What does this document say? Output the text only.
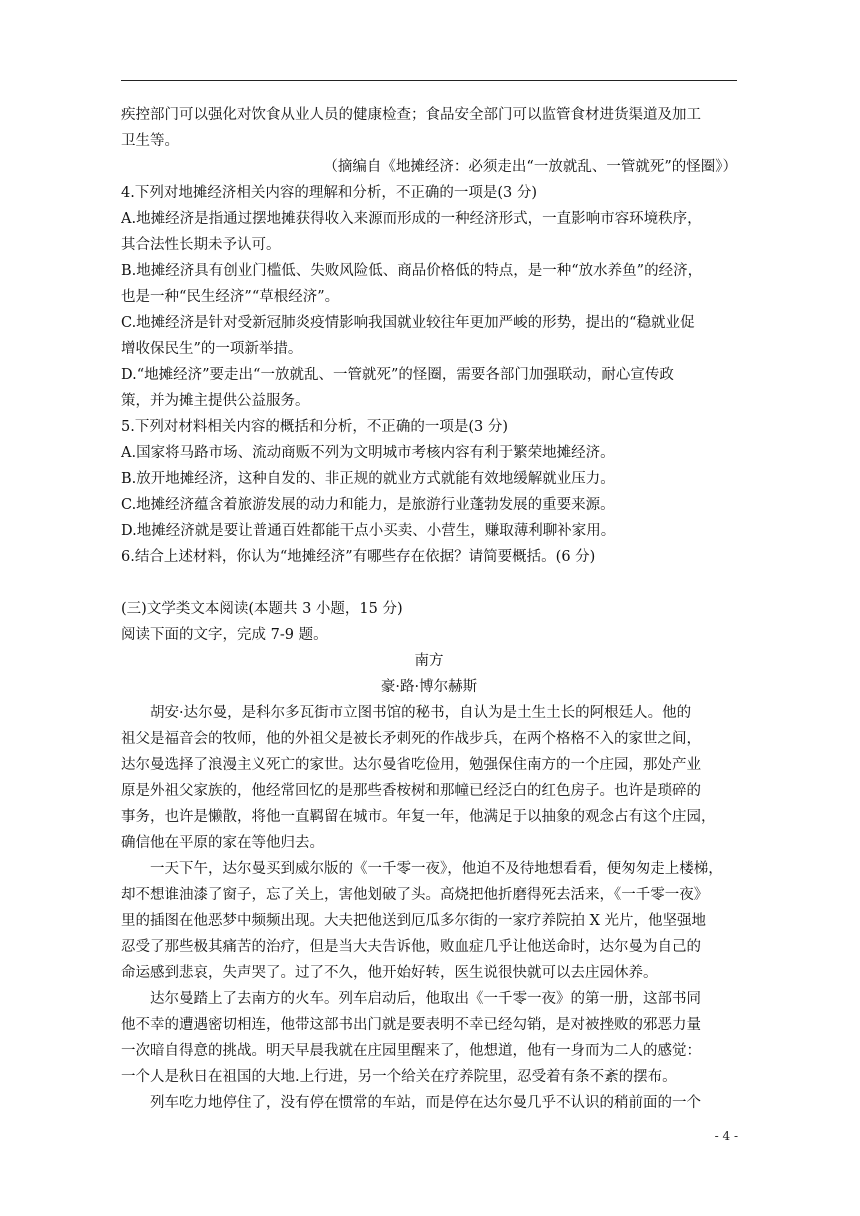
疾控部门可以强化对饮食从业人员的健康检查；食品安全部门可以监管食材进货渠道及加工
卫生等。
（摘编自《地摊经济：必须走出“一放就乱、一管就死”的怪圈》）
4.下列对地摊经济相关内容的理解和分析，不正确的一项是(3 分)
A.地摊经济是指通过摆地摊获得收入来源而形成的一种经济形式，一直影响市容环境秩序，
其合法性长期未予认可。
B.地摊经济具有创业门槛低、失败风险低、商品价格低的特点，是一种“放水养鱼”的经济，
也是一种“民生经济”“草根经济”。
C.地摊经济是针对受新冠肺炎疫情影响我国就业较往年更加严峻的形势，提出的“稳就业促
增收保民生”的一项新举措。
D.“地摊经济”要走出“一放就乱、一管就死”的怪圈，需要各部门加强联动，耐心宣传政
策，并为摊主提供公益服务。
5.下列对材料相关内容的概括和分析，不正确的一项是(3 分)
A.国家将马路市场、流动商贩不列为文明城市考核内容有利于繁荣地摊经济。
B.放开地摊经济，这种自发的、非正规的就业方式就能有效地缓解就业压力。
C.地摊经济蕴含着旅游发展的动力和能力，是旅游行业蓬勃发展的重要来源。
D.地摊经济就是要让普通百姓都能干点小买卖、小营生，赚取薄利聊补家用。
6.结合上述材料，你认为“地摊经济”有哪些存在依据？请简要概括。(6 分)
(三)文学类文本阅读(本题共 3 小题，15 分)
阅读下面的文字，完成 7-9 题。
南方
豪·路·博尔赫斯
胡安·达尔曼，是科尔多瓦街市立图书馆的秘书，自认为是土生土长的阿根廷人。他的
祖父是福音会的牧师，他的外祖父是被长矛刺死的作战步兵，在两个格格不入的家世之间，
达尔曼选择了浪漫主义死亡的家世。达尔曼省吃俭用，勉强保住南方的一个庄园，那处产业
原是外祖父家族的，他经常回忆的是那些香桉树和那幢已经泛白的红色房子。也许是琐碎的
事务，也许是懒散，将他一直羁留在城市。年复一年，他满足于以抽象的观念占有这个庄园，
确信他在平原的家在等他归去。
一天下午，达尔曼买到威尔版的《一千零一夜》，他迫不及待地想看看，便匆匆走上楼梯，
却不想谁油漆了窗子，忘了关上，害他划破了头。高烧把他折磨得死去活来，《一千零一夜》
里的插图在他恶梦中频频出现。大夫把他送到厄瓜多尔街的一家疗养院拍 X 光片，他坚强地
忍受了那些极其痛苦的治疗，但是当大夫告诉他，败血症几乎让他送命时，达尔曼为自己的
命运感到悲哀，失声哭了。过了不久，他开始好转，医生说很快就可以去庄园休养。
达尔曼踏上了去南方的火车。列车启动后，他取出《一千零一夜》的第一册，这部书同
他不幸的遭遇密切相连，他带这部书出门就是要表明不幸已经勾销，是对被挫败的邪恶力量
一次暗自得意的挑战。明天早晨我就在庄园里醒来了，他想道，他有一身而为二人的感觉：
一个人是秋日在祖国的大地.上行进，另一个给关在疗养院里，忍受着有条不紊的摆布。
列车吃力地停住了，没有停在惯常的车站，而是停在达尔曼几乎不认识的稍前面的一个
- 4 -
